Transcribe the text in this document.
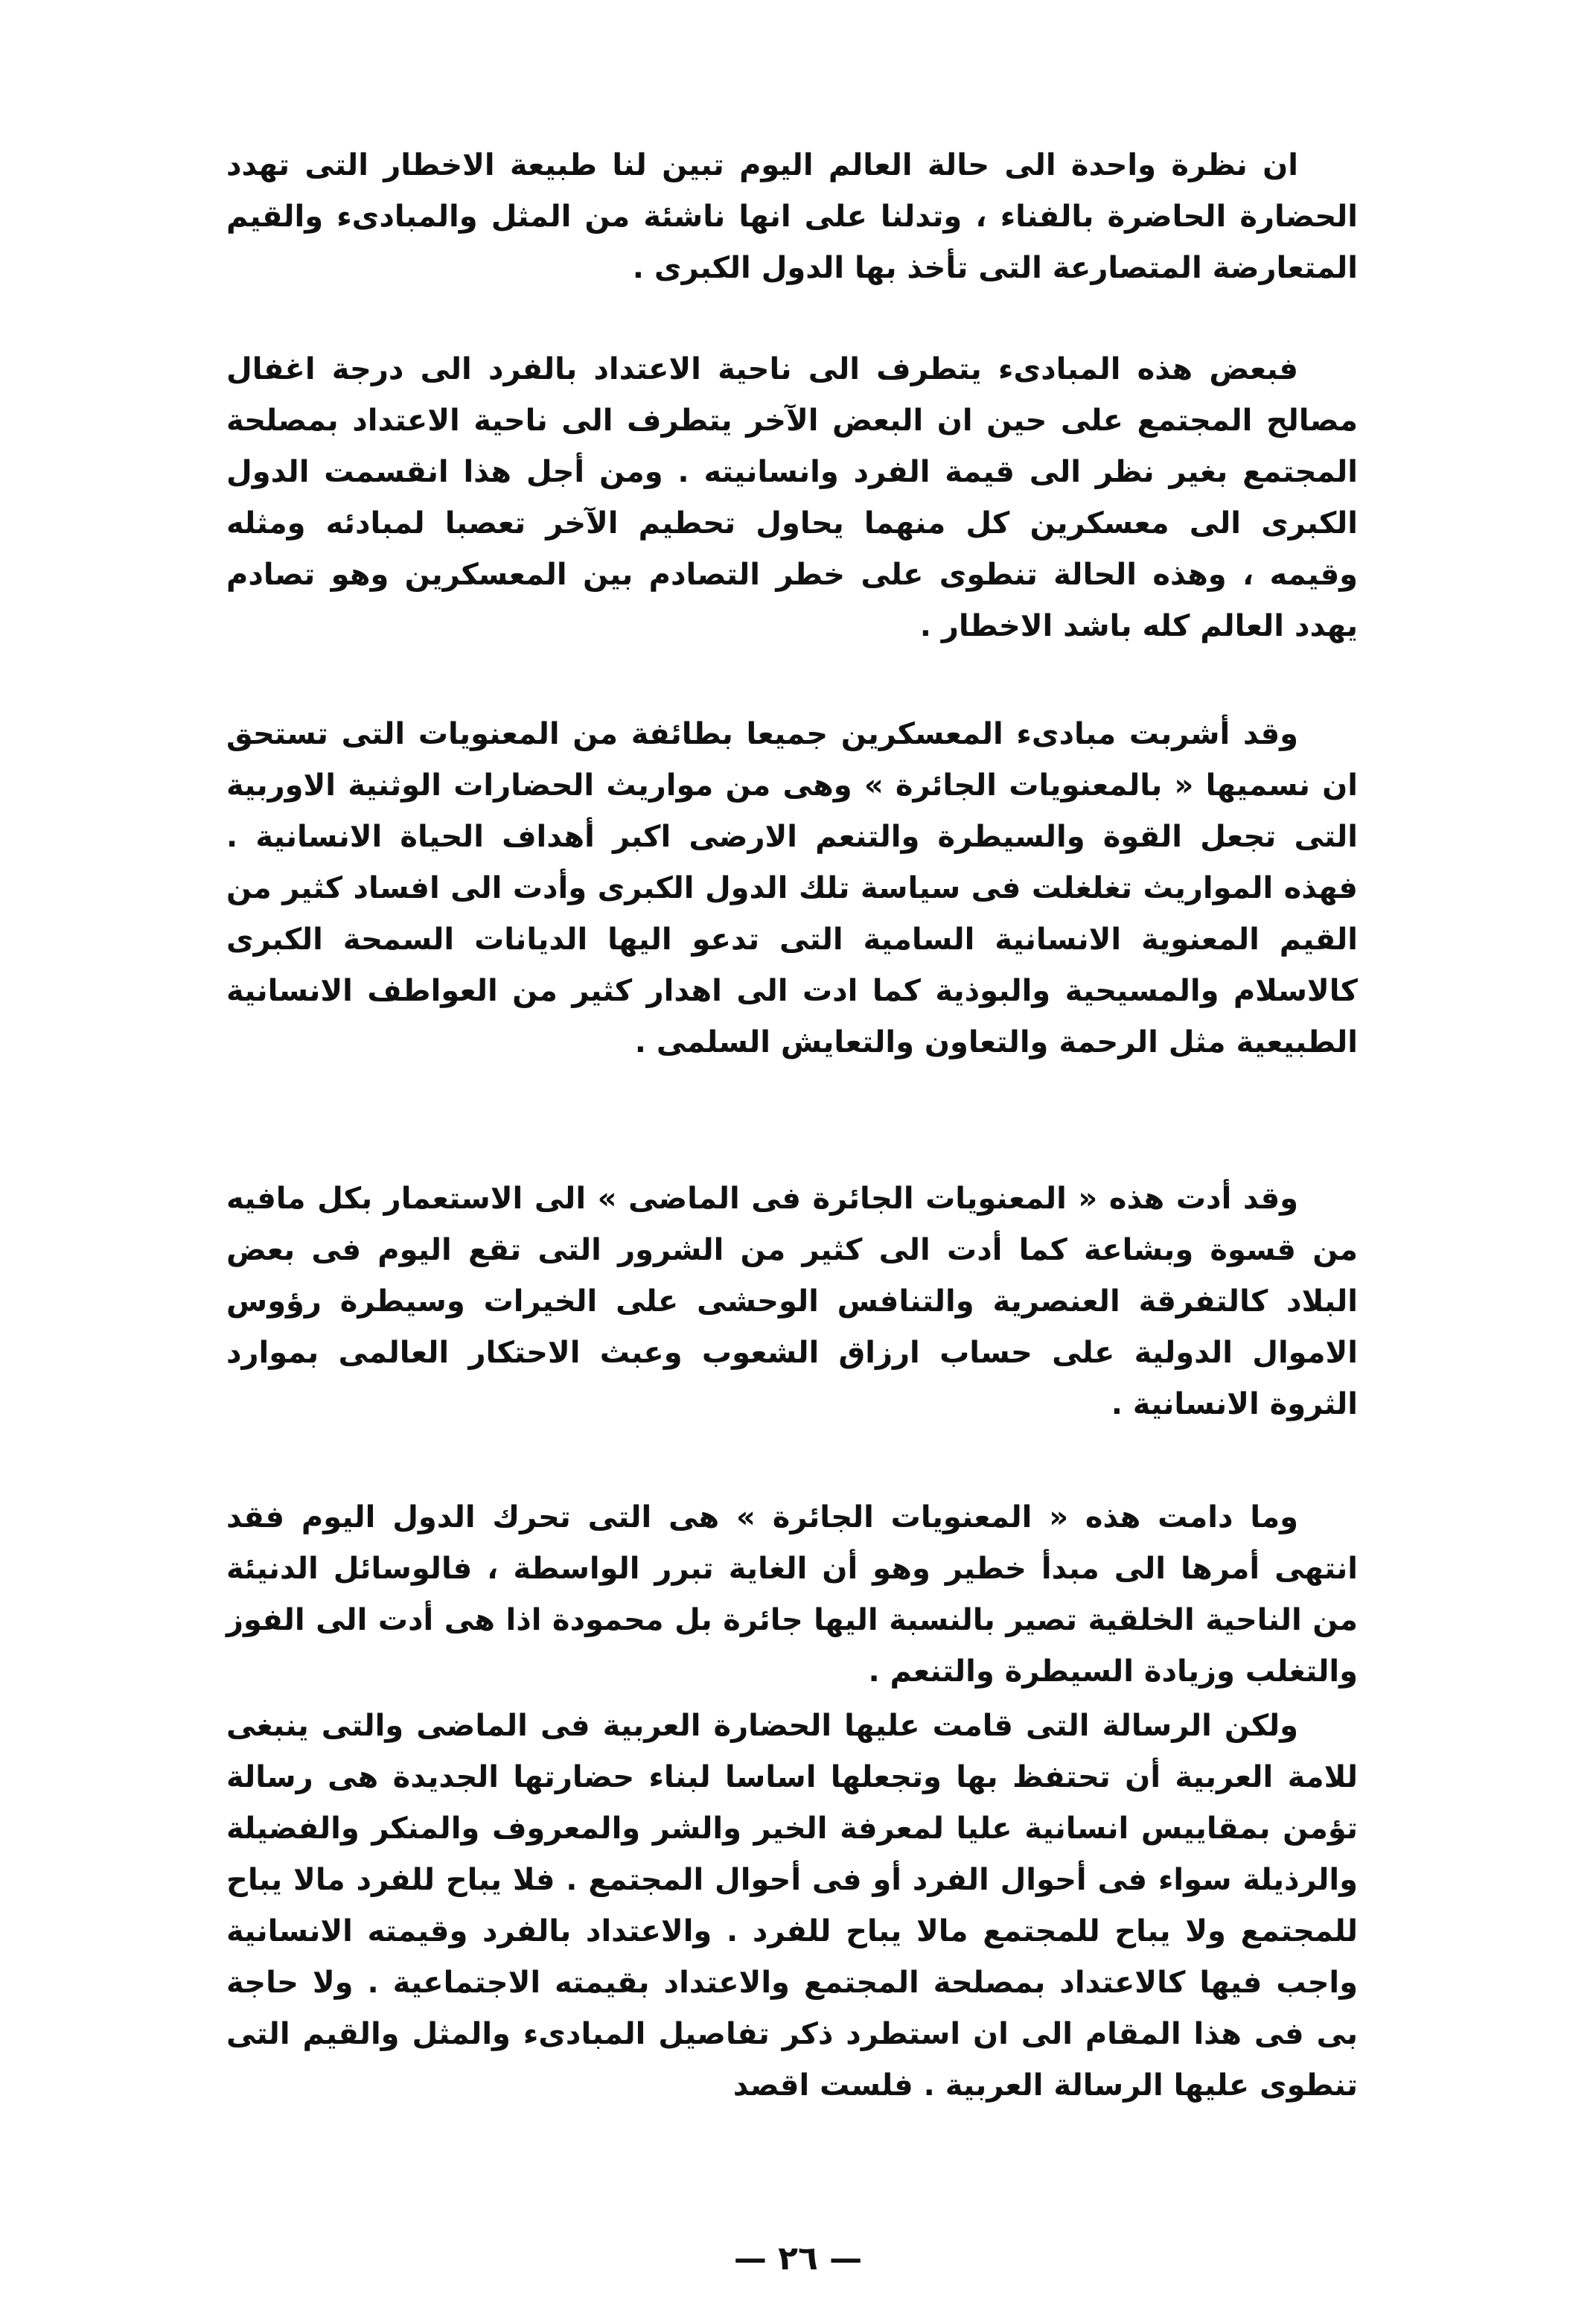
ان نظرة واحدة الى حالة العالم اليوم تبين لنا طبيعة الاخطار التى تهدد الحضارة الحاضرة بالفناء ، وتدلنا على انها ناشئة من المثل والمبادىء والقيم المتعارضة المتصارعة التى تأخذ بها الدول الكبرى .

فبعض هذه المبادىء يتطرف الى ناحية الاعتداد بالفرد الى درجة اغفال مصالح المجتمع على حين ان البعض الآخر يتطرف الى ناحية الاعتداد بمصلحة المجتمع بغير نظر الى قيمة الفرد وانسانيته . ومن أجل هذا انقسمت الدول الكبرى الى معسكرين كل منهما يحاول تحطيم الآخر تعصبا لمبادئه ومثله وقيمه ، وهذه الحالة تنطوى على خطر التصادم بين المعسكرين وهو تصادم يهدد العالم كله باشد الاخطار .

وقد أشربت مبادىء المعسكرين جميعا بطائفة من المعنويات التى تستحق ان نسميها « بالمعنويات الجائرة » وهى من مواريث الحضارات الوثنية الاوربية التى تجعل القوة والسيطرة والتنعم الارضى اكبر أهداف الحياة الانسانية . فهذه المواريث تغلغلت فى سياسة تلك الدول الكبرى وأدت الى افساد كثير من القيم المعنوية الانسانية السامية التى تدعو اليها الديانات السمحة الكبرى كالاسلام والمسيحية والبوذية كما ادت الى اهدار كثير من العواطف الانسانية الطبيعية مثل الرحمة والتعاون والتعايش السلمى .

وقد أدت هذه « المعنويات الجائرة فى الماضى » الى الاستعمار بكل مافيه من قسوة وبشاعة كما أدت الى كثير من الشرور التى تقع اليوم فى بعض البلاد كالتفرقة العنصرية والتنافس الوحشى على الخيرات وسيطرة رؤوس الاموال الدولية على حساب ارزاق الشعوب وعبث الاحتكار العالمى بموارد الثروة الانسانية .

وما دامت هذه « المعنويات الجائرة » هى التى تحرك الدول اليوم فقد انتهى أمرها الى مبدأ خطير وهو أن الغاية تبرر الواسطة ، فالوسائل الدنيئة من الناحية الخلقية تصير بالنسبة اليها جائرة بل محمودة اذا هى أدت الى الفوز والتغلب وزيادة السيطرة والتنعم .

ولكن الرسالة التى قامت عليها الحضارة العربية فى الماضى والتى ينبغى للامة العربية أن تحتفظ بها وتجعلها اساسا لبناء حضارتها الجديدة هى رسالة تؤمن بمقاييس انسانية عليا لمعرفة الخير والشر والمعروف والمنكر والفضيلة والرذيلة سواء فى أحوال الفرد أو فى أحوال المجتمع . فلا يباح للفرد مالا يباح للمجتمع ولا يباح للمجتمع مالا يباح للفرد . والاعتداد بالفرد وقيمته الانسانية واجب فيها كالاعتداد بمصلحة المجتمع والاعتداد بقيمته الاجتماعية . ولا حاجة بى فى هذا المقام الى ان استطرد ذكر تفاصيل المبادىء والمثل والقيم التى تنطوى عليها الرسالة العربية . فلست اقصد

— ٢٦ —
